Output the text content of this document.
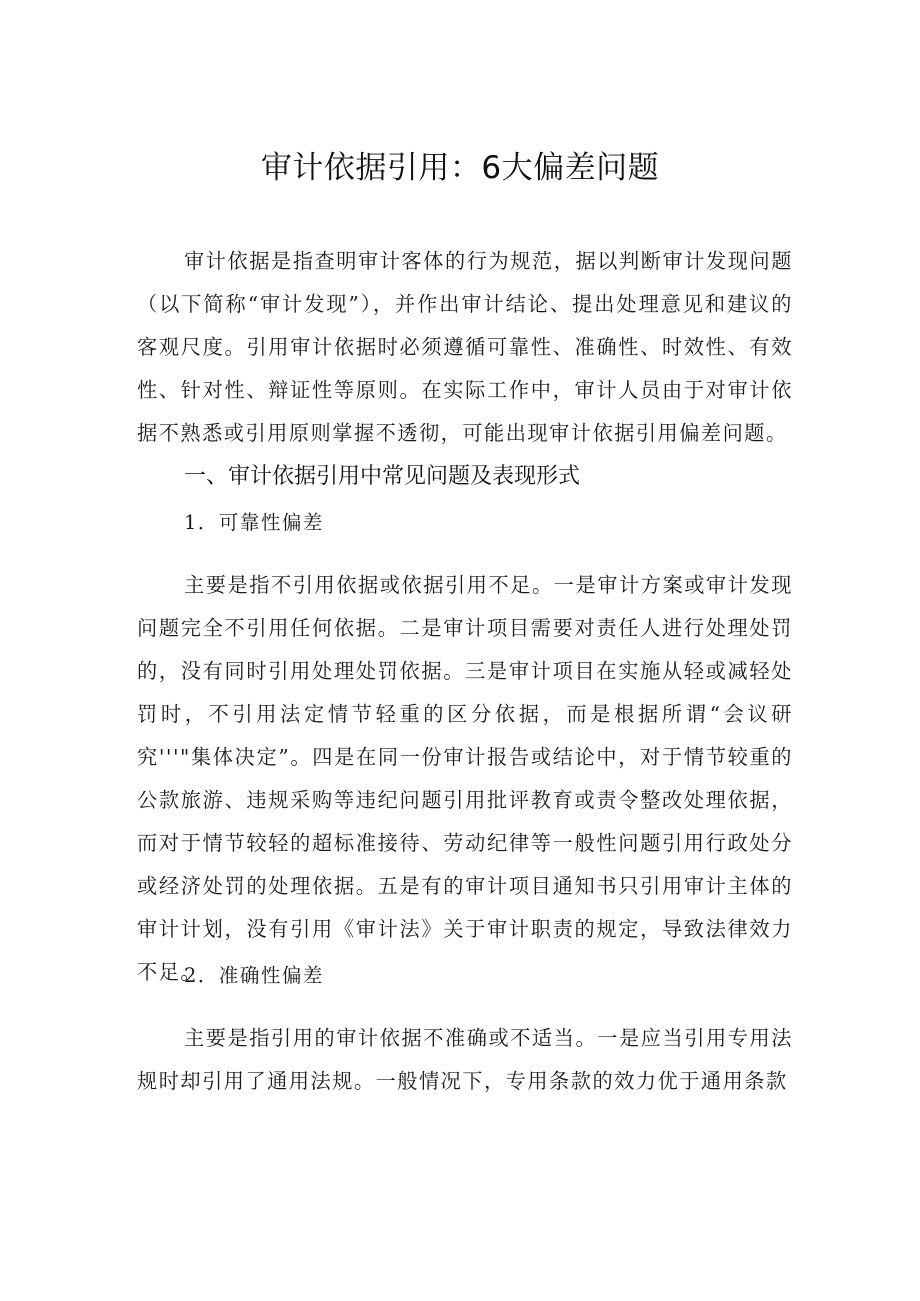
审计依据引用：6大偏差问题

审计依据是指查明审计客体的行为规范，据以判断审计发现问题（以下简称“审计发现”），并作出审计结论、提出处理意见和建议的客观尺度。引用审计依据时必须遵循可靠性、准确性、时效性、有效性、针对性、辩证性等原则。在实际工作中，审计人员由于对审计依据不熟悉或引用原则掌握不透彻，可能出现审计依据引用偏差问题。

一、审计依据引用中常见问题及表现形式
1．可靠性偏差

主要是指不引用依据或依据引用不足。一是审计方案或审计发现问题完全不引用任何依据。二是审计项目需要对责任人进行处理处罚的，没有同时引用处理处罚依据。三是审计项目在实施从轻或减轻处罚时，不引用法定情节轻重的区分依据，而是根据所谓“会议研究'''"集体决定”。四是在同一份审计报告或结论中，对于情节较重的公款旅游、违规采购等违纪问题引用批评教育或责令整改处理依据，而对于情节较轻的超标准接待、劳动纪律等一般性问题引用行政处分或经济处罚的处理依据。五是有的审计项目通知书只引用审计主体的审计计划，没有引用《审计法》关于审计职责的规定，导致法律效力不足。

2．准确性偏差

主要是指引用的审计依据不准确或不适当。一是应当引用专用法规时却引用了通用法规。一般情况下，专用条款的效力优于通用条款
